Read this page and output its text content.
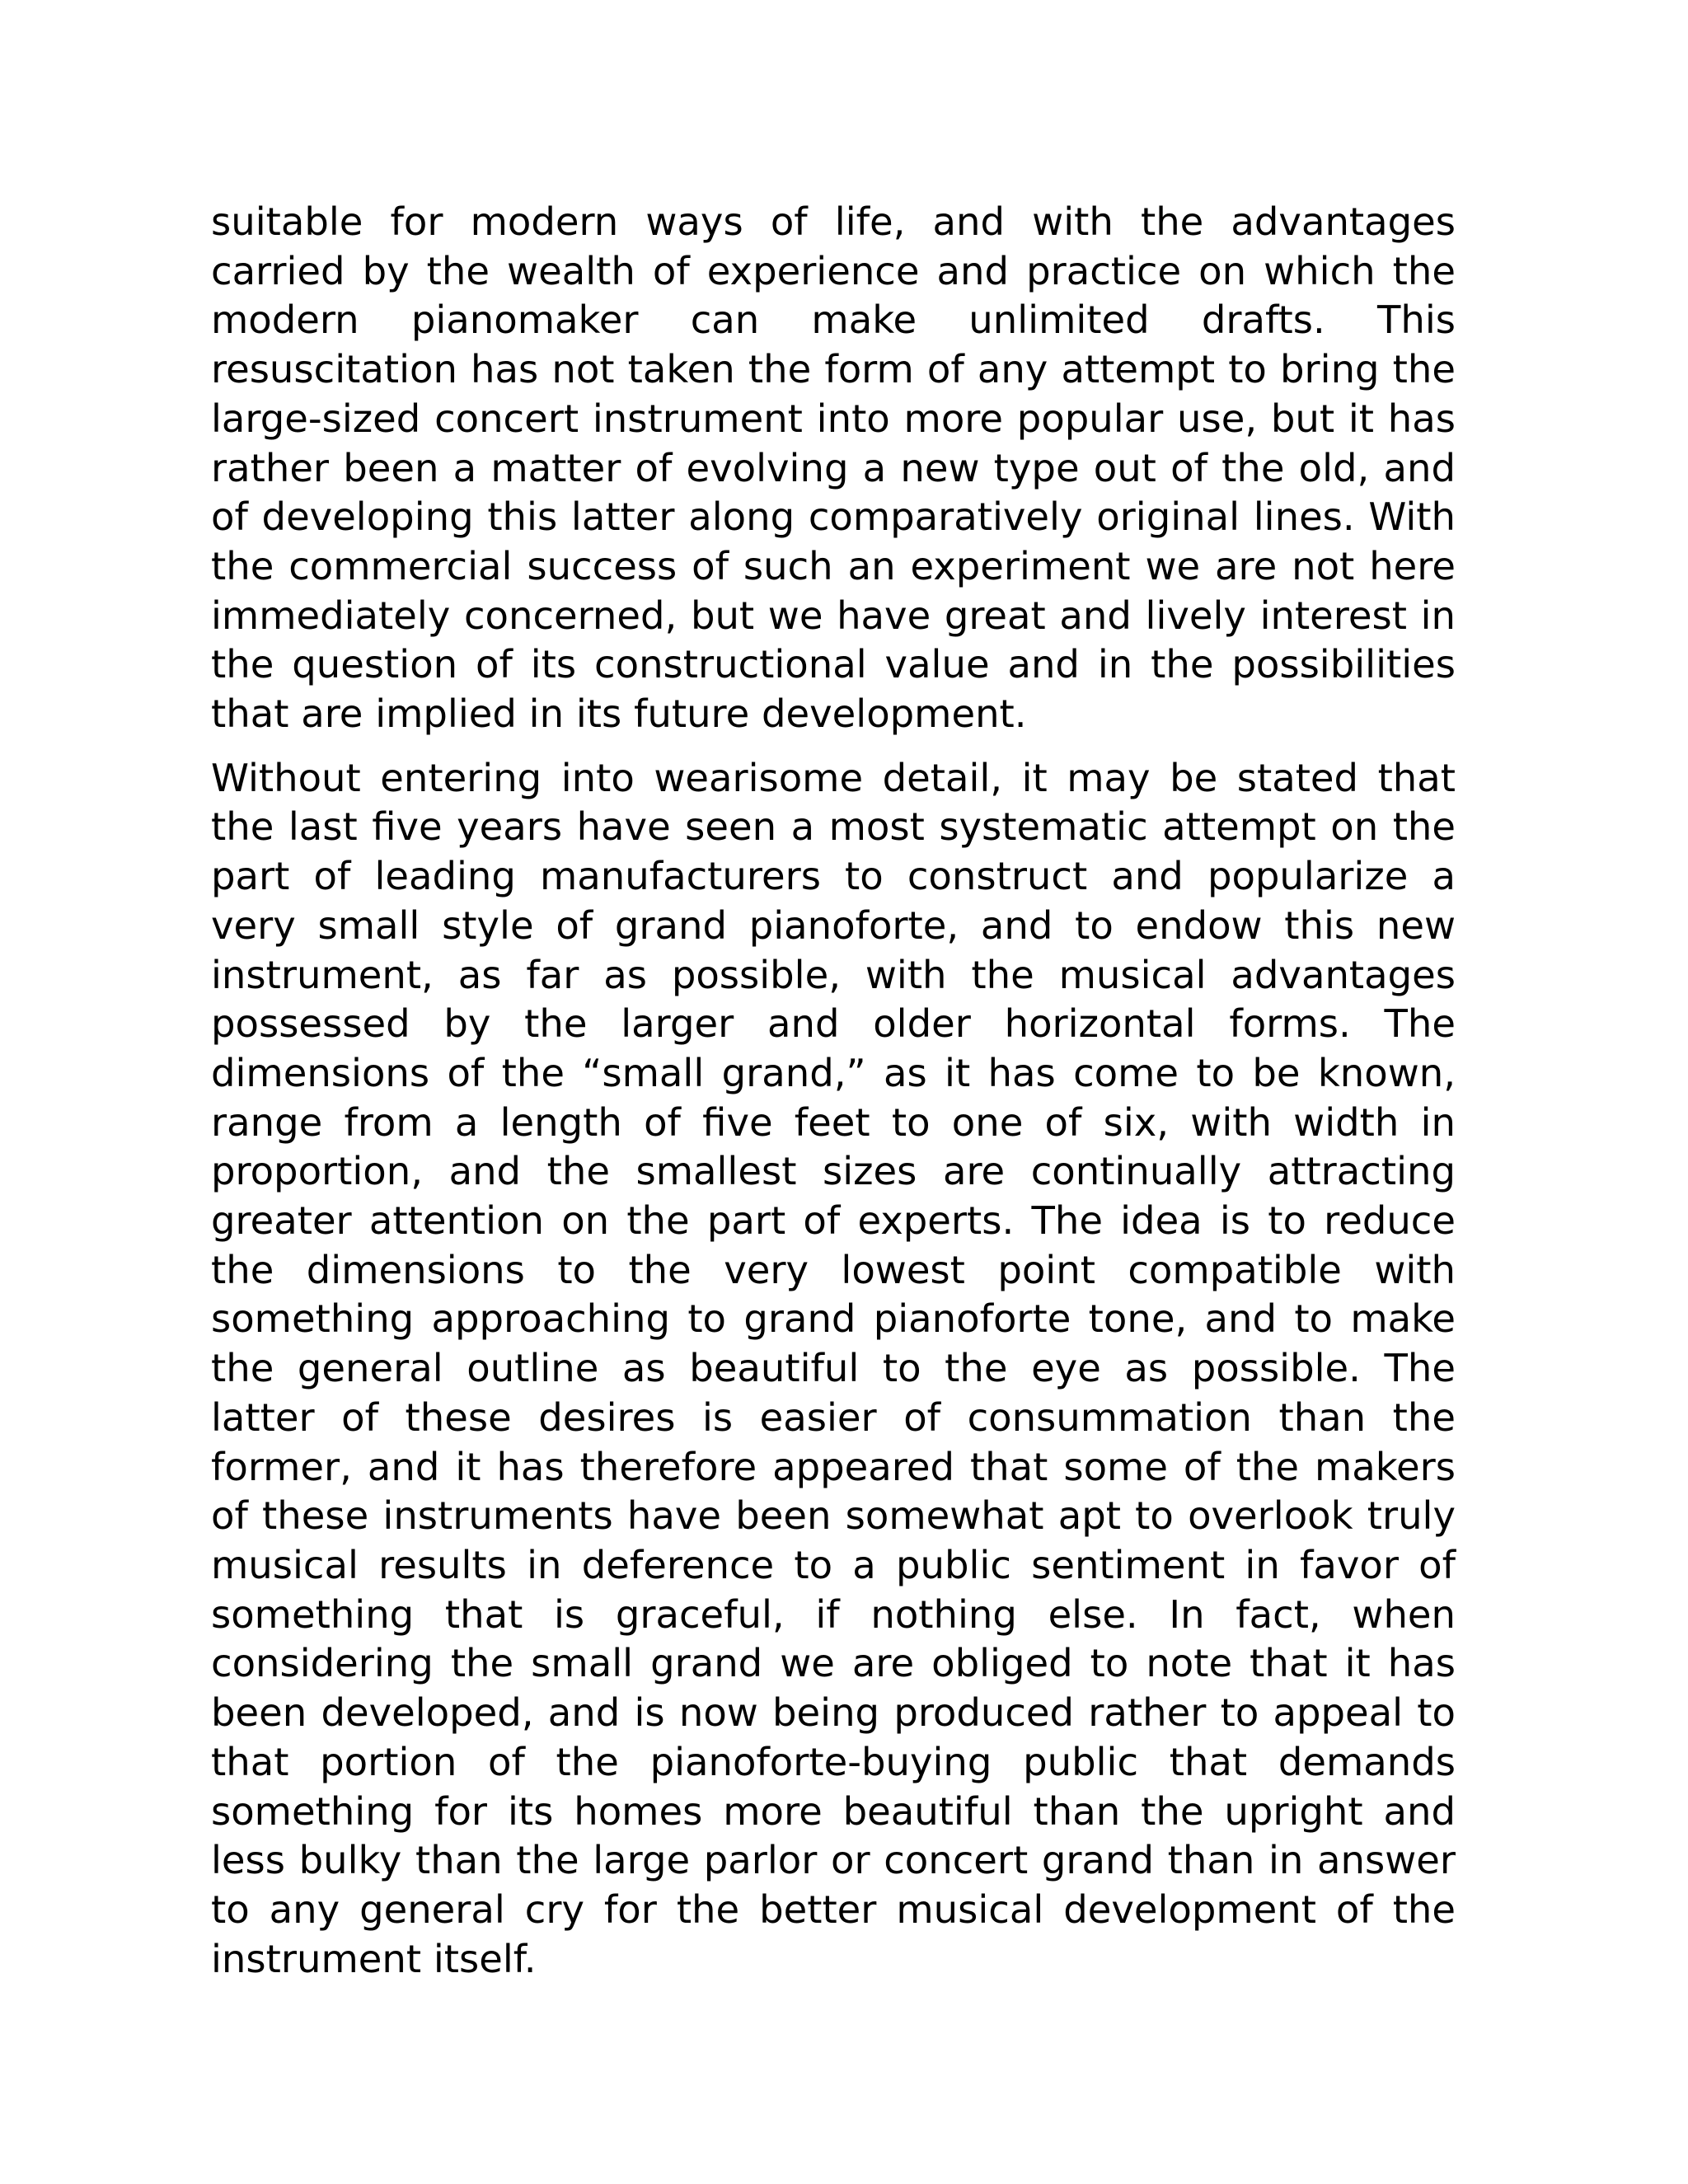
suitable for modern ways of life, and with the advantages carried by the wealth of experience and practice on which the modern pianomaker can make unlimited drafts. This resuscitation has not taken the form of any attempt to bring the large-sized concert instrument into more popular use, but it has rather been a matter of evolving a new type out of the old, and of developing this latter along comparatively original lines. With the commercial success of such an experiment we are not here immediately concerned, but we have great and lively interest in the question of its constructional value and in the possibilities that are implied in its future development.

Without entering into wearisome detail, it may be stated that the last five years have seen a most systematic attempt on the part of leading manufacturers to construct and popularize a very small style of grand pianoforte, and to endow this new instrument, as far as possible, with the musical advantages possessed by the larger and older horizontal forms. The dimensions of the “small grand,” as it has come to be known, range from a length of five feet to one of six, with width in proportion, and the smallest sizes are continually attracting greater attention on the part of experts. The idea is to reduce the dimensions to the very lowest point compatible with something approaching to grand pianoforte tone, and to make the general outline as beautiful to the eye as possible. The latter of these desires is easier of consummation than the former, and it has therefore appeared that some of the makers of these instruments have been somewhat apt to overlook truly musical results in deference to a public sentiment in favor of something that is graceful, if nothing else. In fact, when considering the small grand we are obliged to note that it has been developed, and is now being produced rather to appeal to that portion of the pianoforte-buying public that demands something for its homes more beautiful than the upright and less bulky than the large parlor or concert grand than in answer to any general cry for the better musical development of the instrument itself.
